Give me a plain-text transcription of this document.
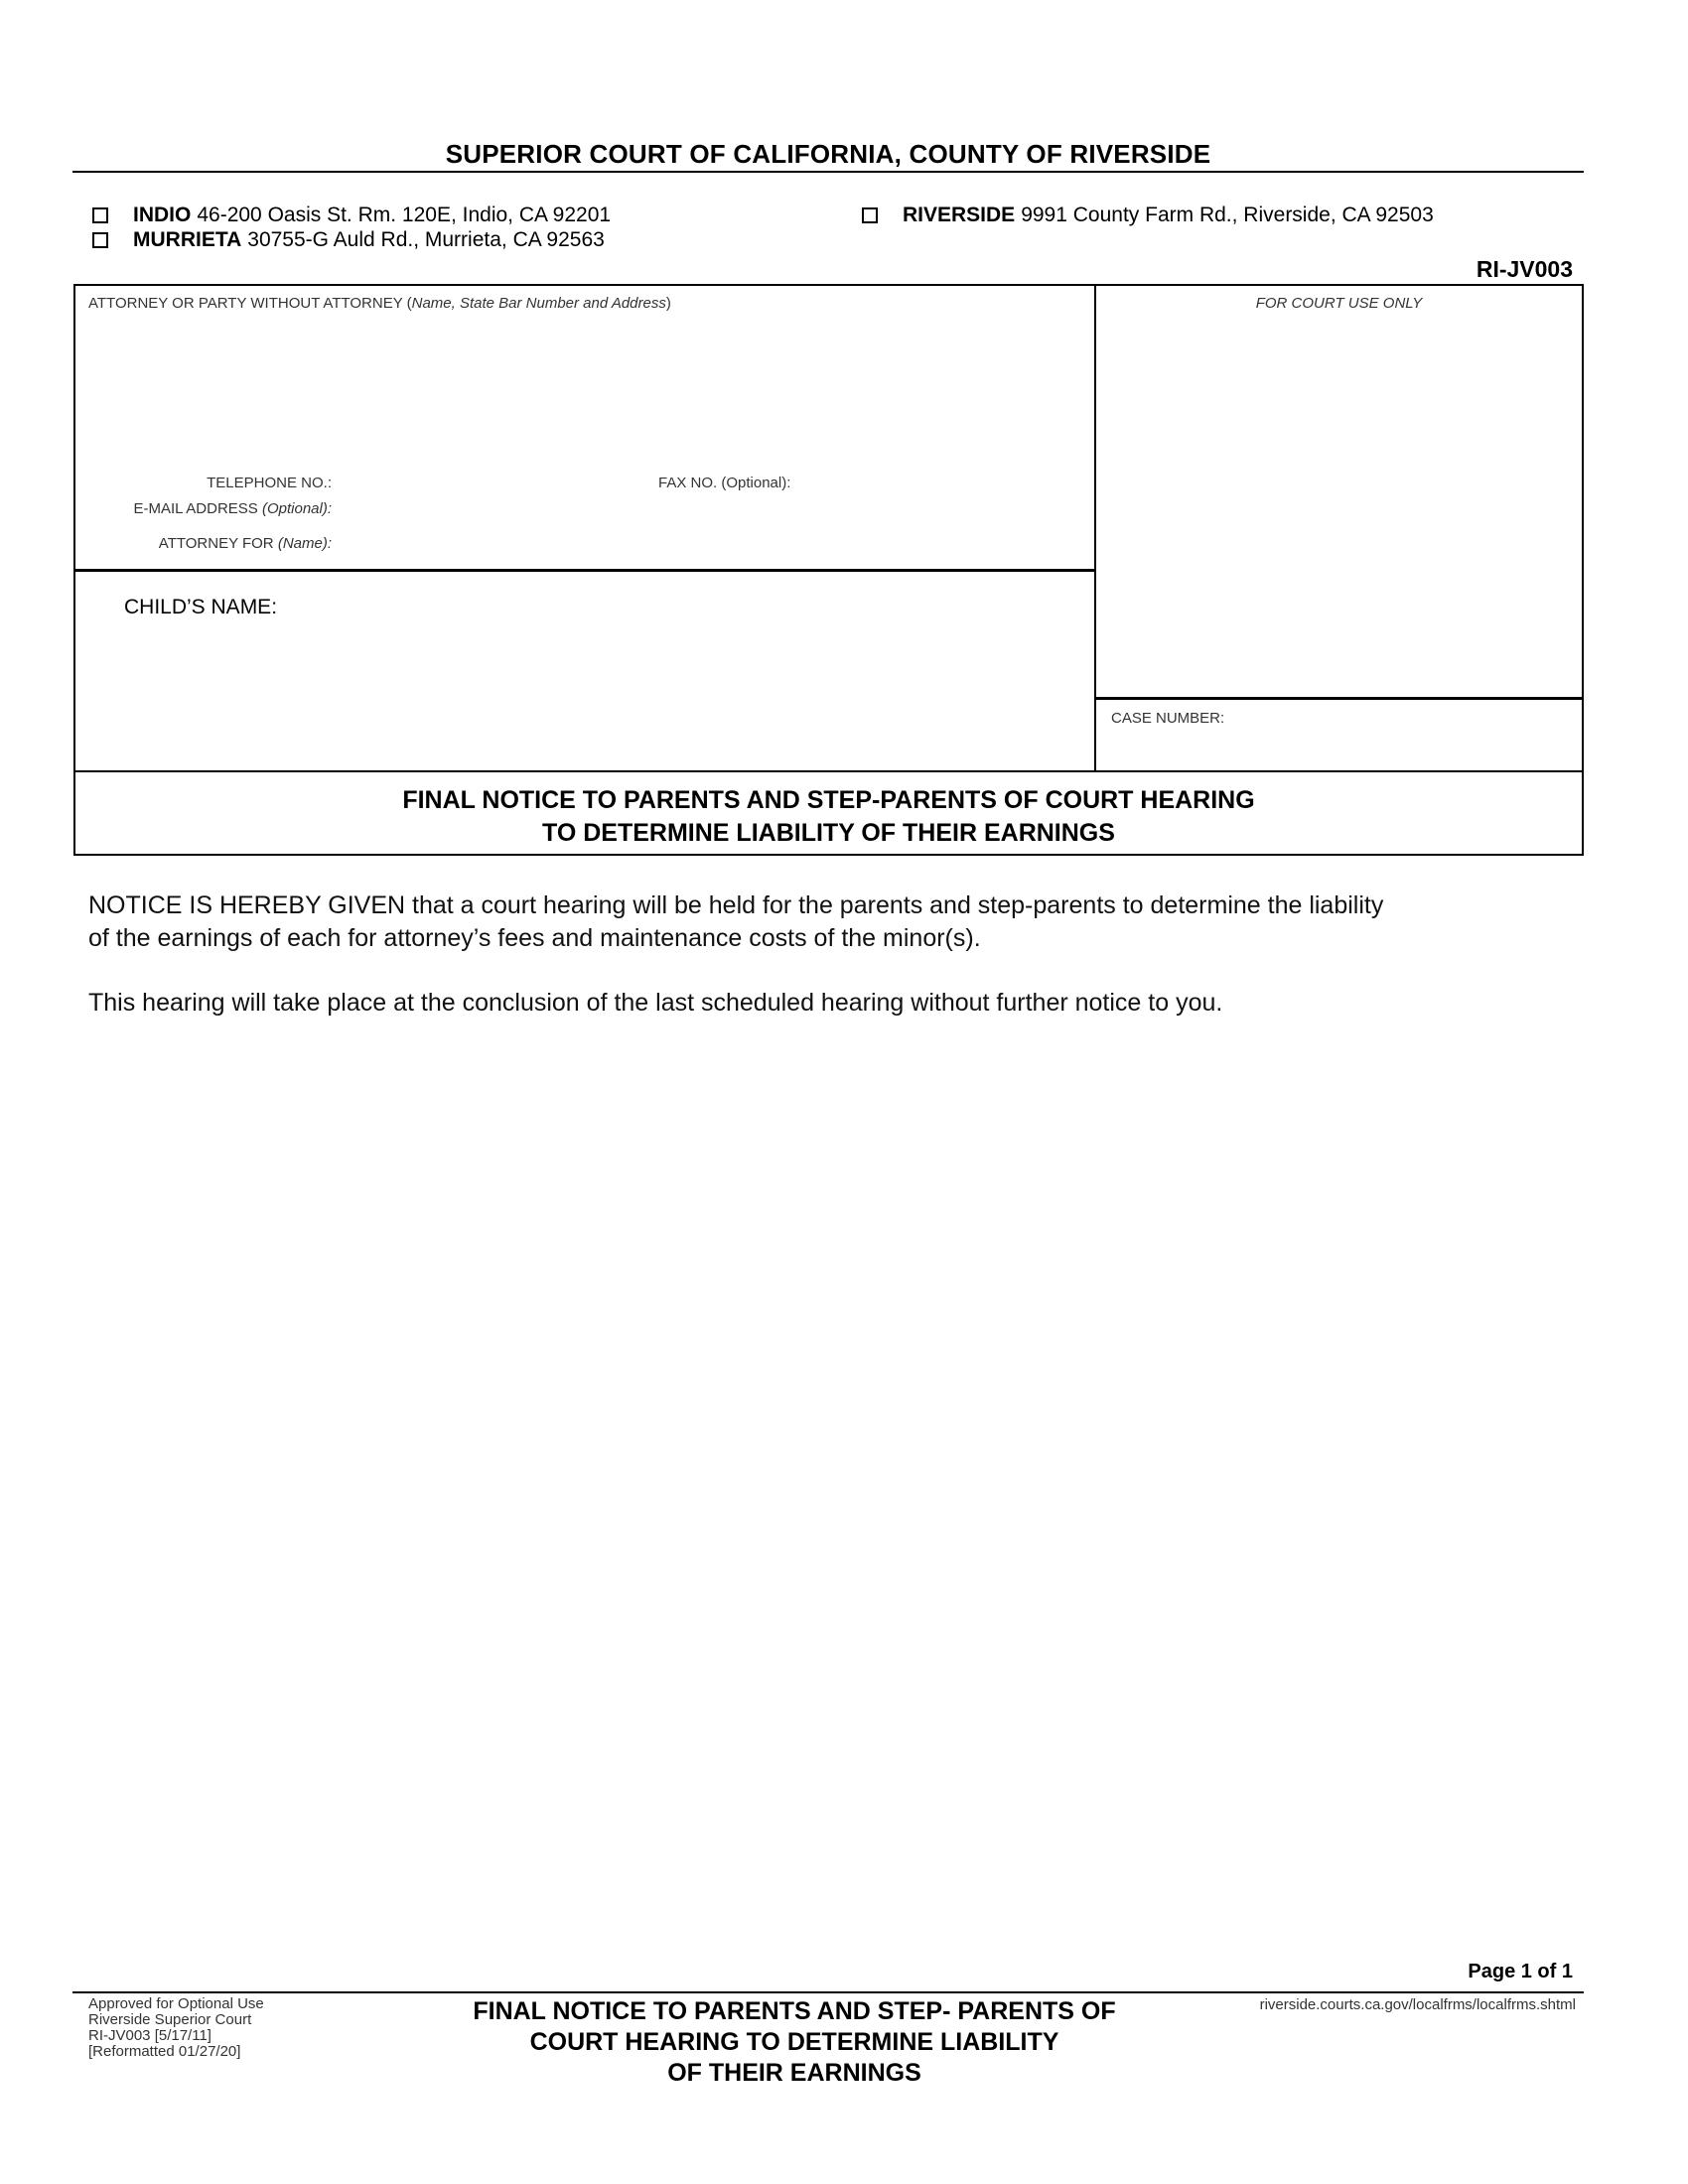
SUPERIOR COURT OF CALIFORNIA, COUNTY OF RIVERSIDE
INDIO 46-200 Oasis St. Rm. 120E, Indio, CA 92201
MURRIETA 30755-G Auld Rd., Murrieta, CA 92563
RIVERSIDE 9991 County Farm Rd., Riverside, CA 92503
RI-JV003
ATTORNEY OR PARTY WITHOUT ATTORNEY (Name, State Bar Number and Address)	FOR COURT USE ONLY
TELEPHONE NO.:	FAX NO. (Optional):
E-MAIL ADDRESS (Optional):
ATTORNEY FOR (Name):
CHILD’S NAME:
CASE NUMBER:
FINAL NOTICE TO PARENTS AND STEP-PARENTS OF COURT HEARING
TO DETERMINE LIABILITY OF THEIR EARNINGS
NOTICE IS HEREBY GIVEN that a court hearing will be held for the parents and step-parents to determine the liability
of the earnings of each for attorney’s fees and maintenance costs of the minor(s).
This hearing will take place at the conclusion of the last scheduled hearing without further notice to you.
Page 1 of 1
Approved for Optional Use
Riverside Superior Court
RI-JV003 [5/17/11]
[Reformatted 01/27/20]
FINAL NOTICE TO PARENTS AND STEP- PARENTS OF
COURT HEARING TO DETERMINE LIABILITY
OF THEIR EARNINGS
riverside.courts.ca.gov/localfrms/localfrms.shtml
